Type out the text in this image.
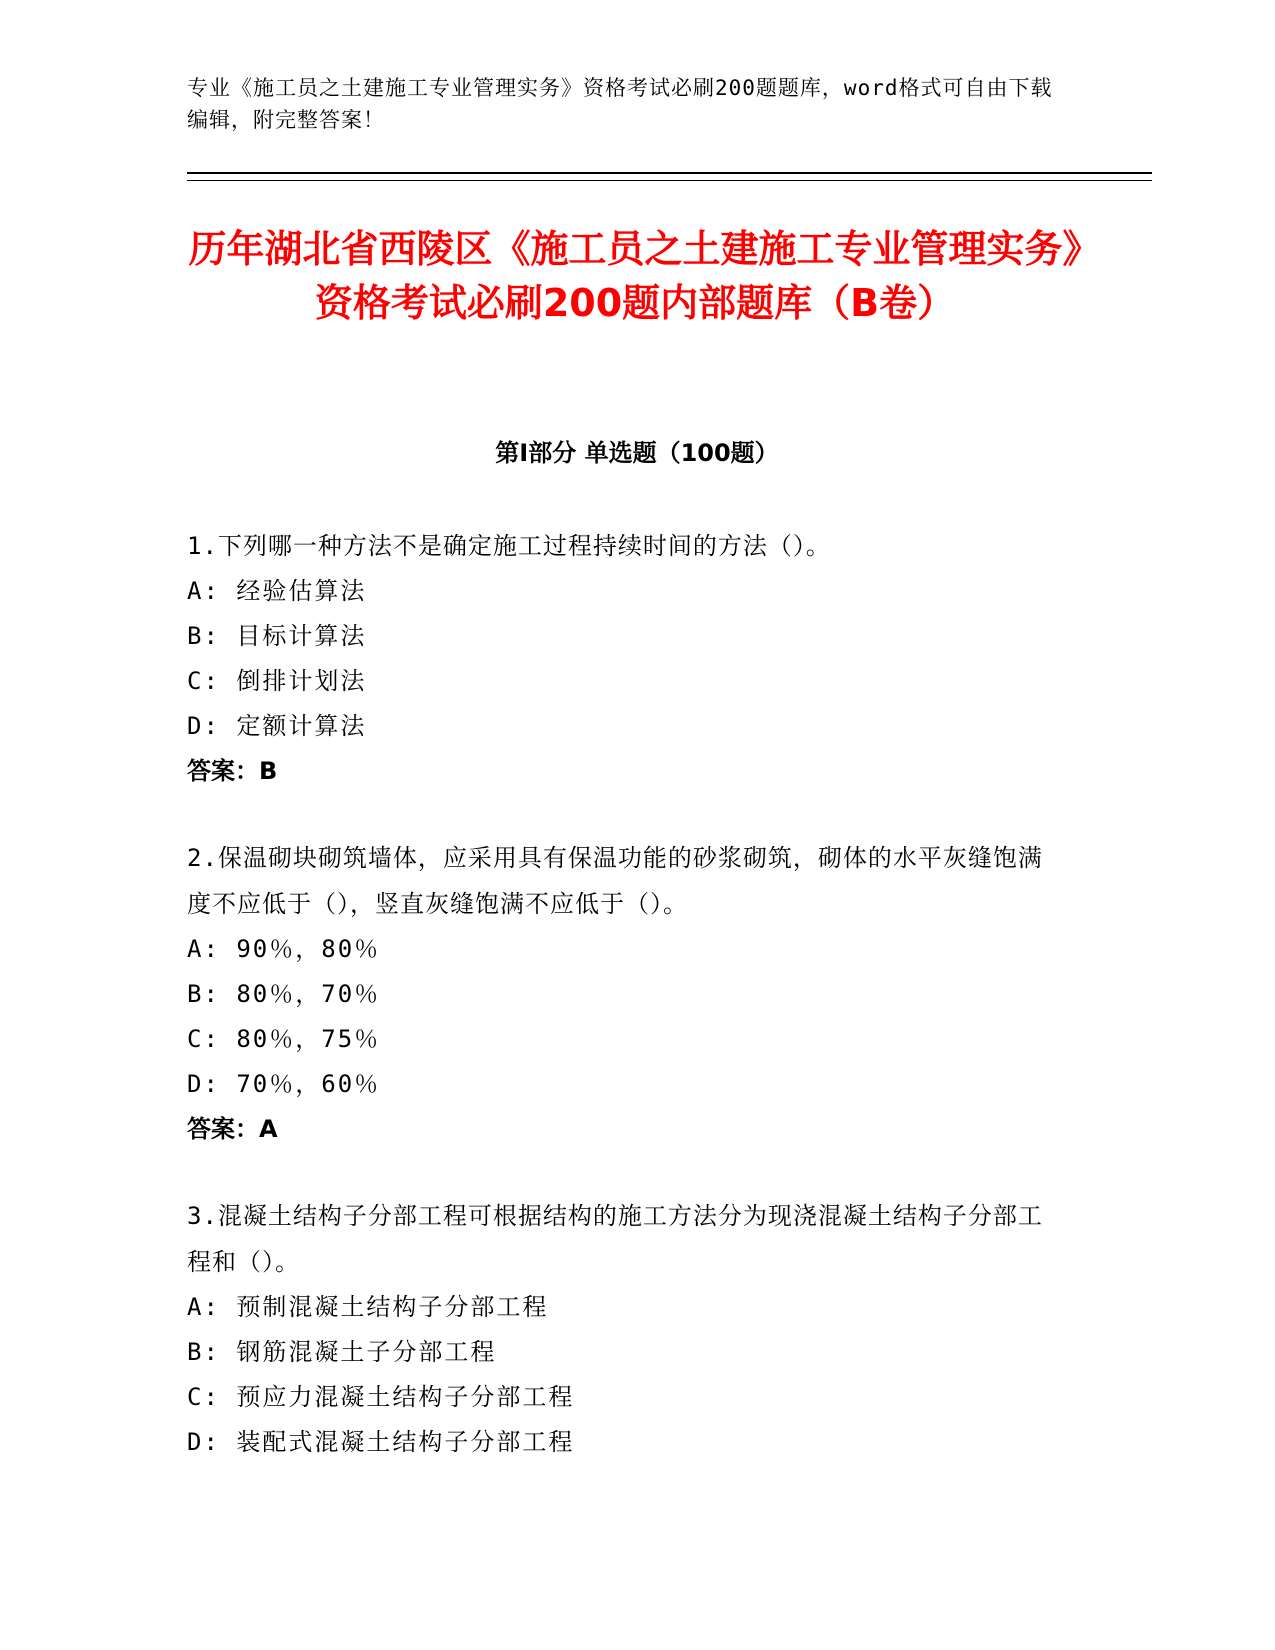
专业《施工员之土建施工专业管理实务》资格考试必刷200题题库，word格式可自由下载编辑，附完整答案！
历年湖北省西陵区《施工员之土建施工专业管理实务》资格考试必刷200题内部题库（B卷）
第Ⅰ部分 单选题（100题）

1.下列哪一种方法不是确定施工过程持续时间的方法（）。

A: 经验估算法

B: 目标计算法

C: 倒排计划法

D: 定额计算法

答案：B

2.保温砌块砌筑墙体，应采用具有保温功能的砂浆砌筑，砌体的水平灰缝饱满度不应低于（），竖直灰缝饱满不应低于（）。

A: 90％，80％

B: 80％，70％

C: 80％，75％

D: 70％，60％

答案：A

3.混凝土结构子分部工程可根据结构的施工方法分为现浇混凝土结构子分部工程和（）。

A: 预制混凝土结构子分部工程

B: 钢筋混凝土子分部工程

C: 预应力混凝土结构子分部工程

D: 装配式混凝土结构子分部工程
